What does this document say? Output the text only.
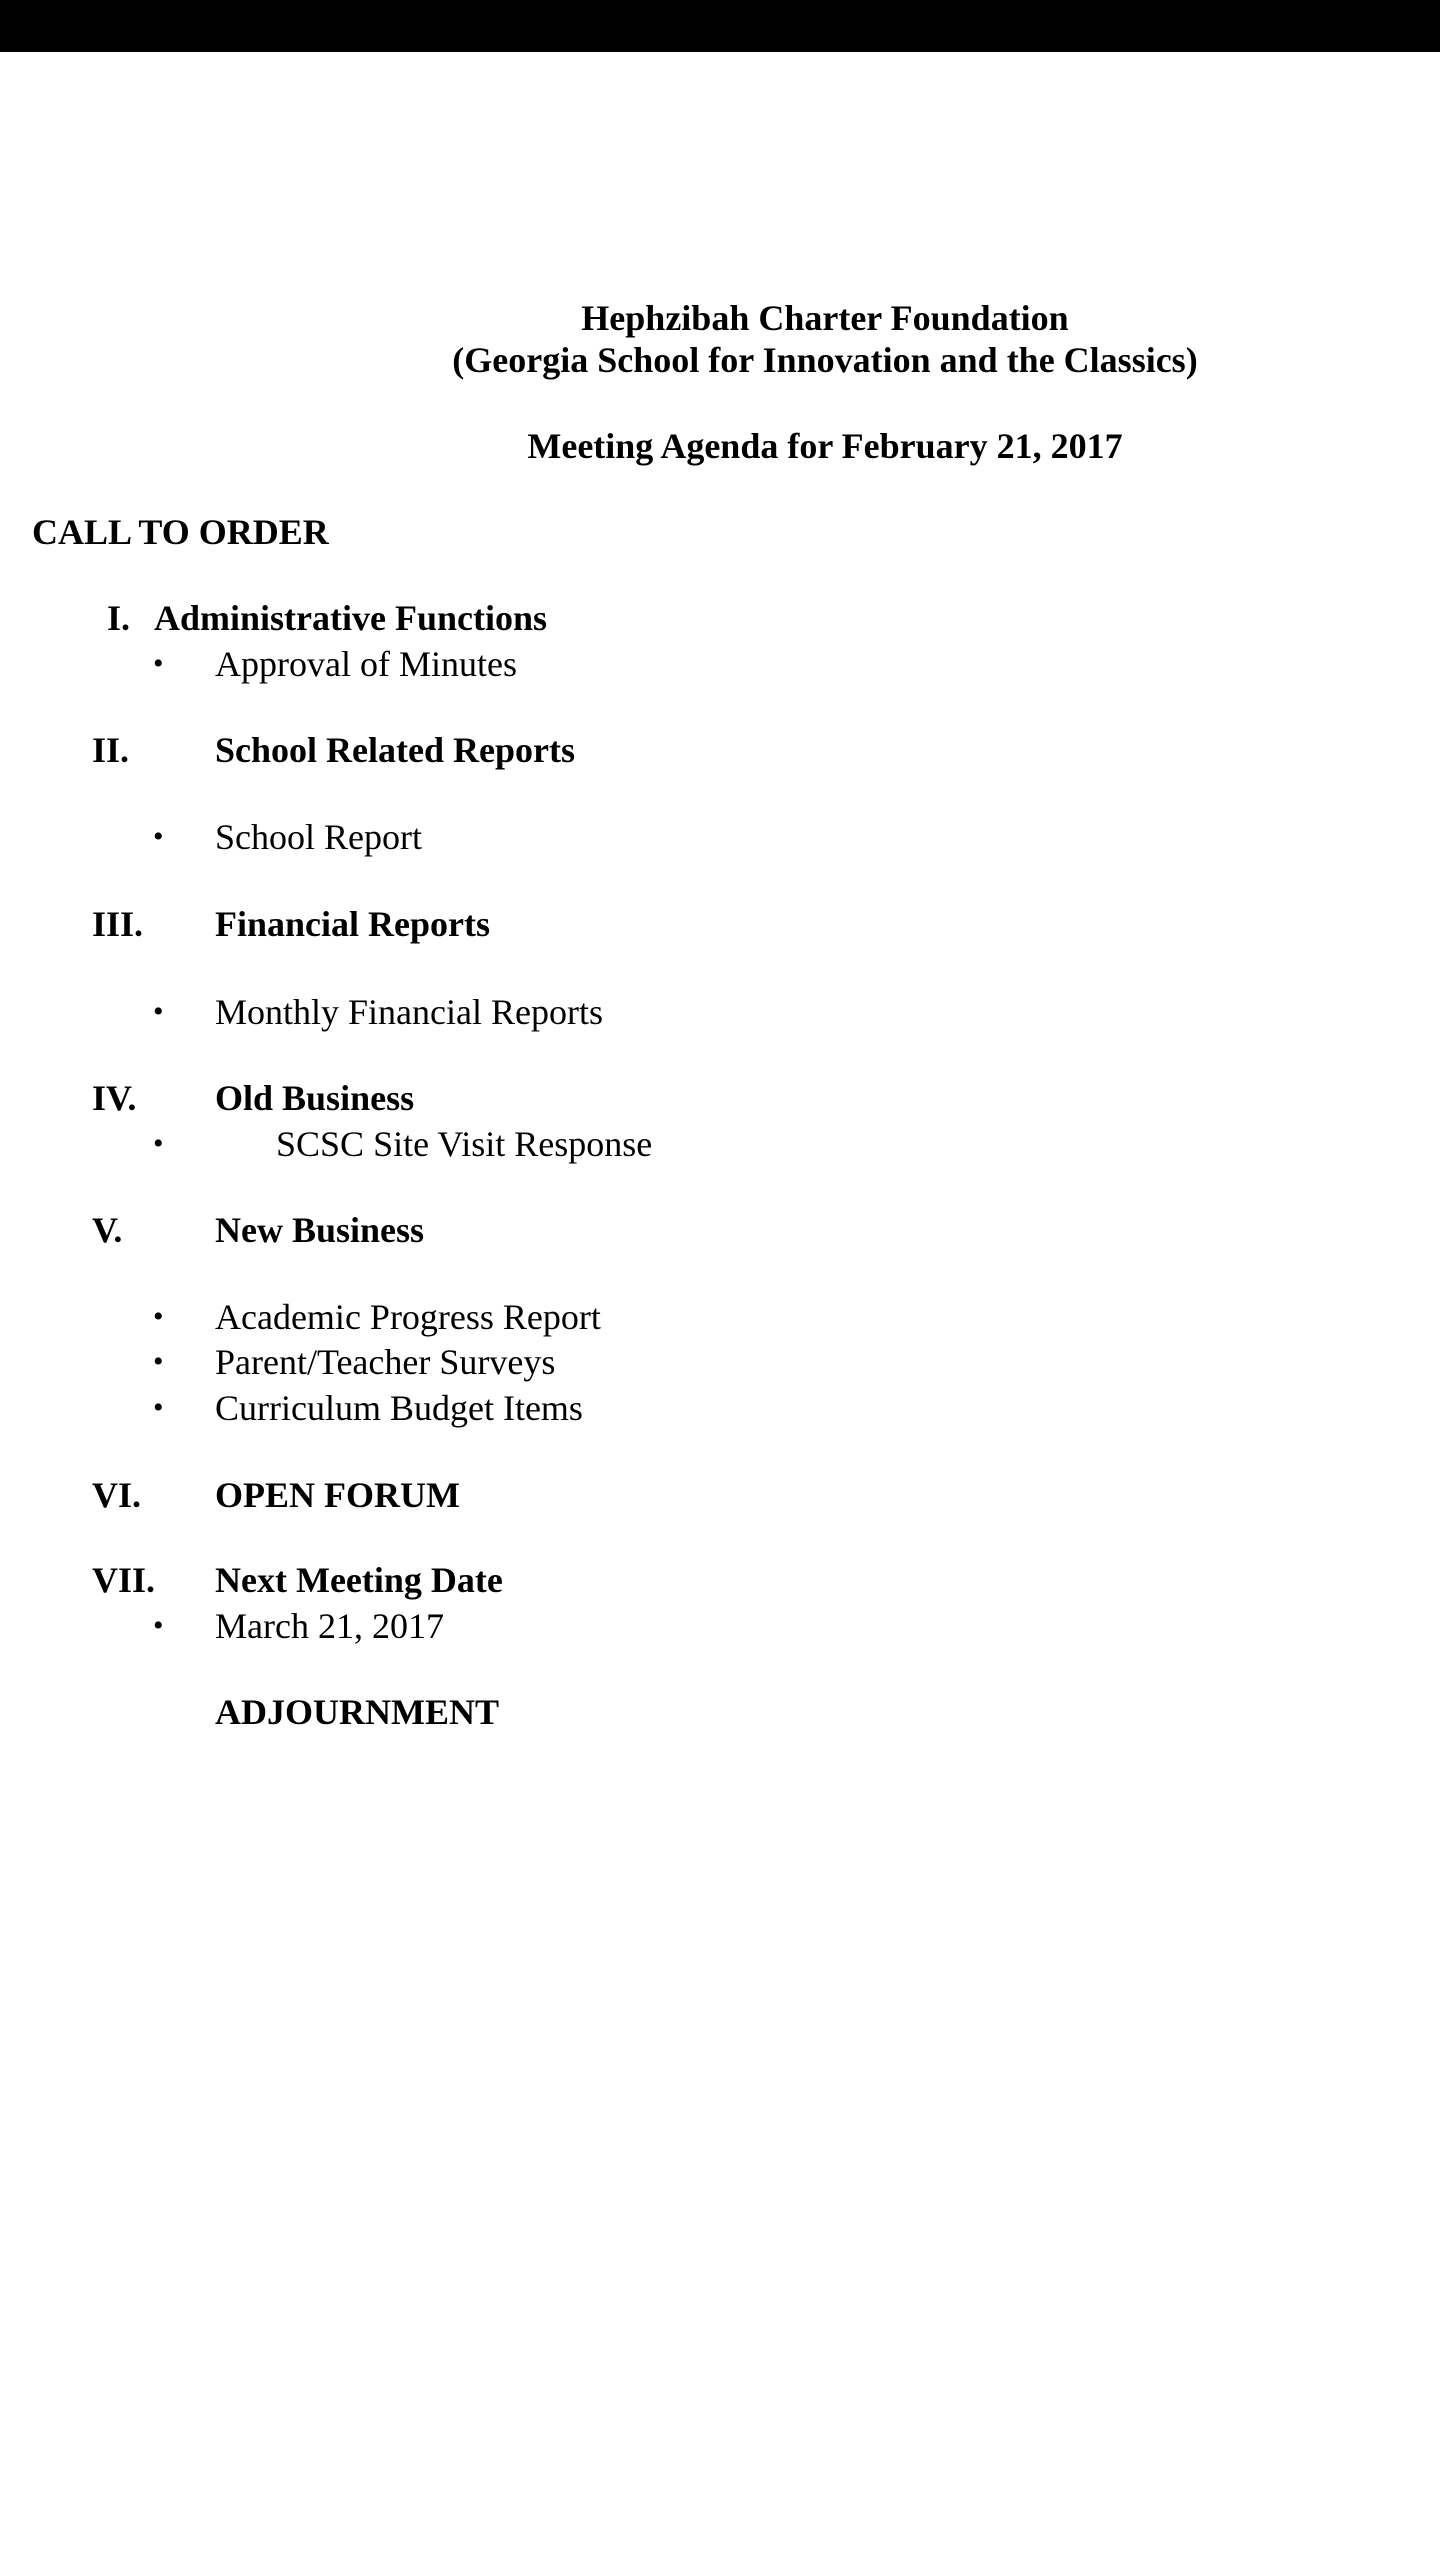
Hephzibah Charter Foundation
(Georgia School for Innovation and the Classics)
Meeting Agenda for February 21, 2017
CALL TO ORDER
I. Administrative Functions
• Approval of Minutes
II. School Related Reports
• School Report
III. Financial Reports
• Monthly Financial Reports
IV. Old Business
•	SCSC Site Visit Response
V.	New Business
• Academic Progress Report
• Parent/Teacher Surveys
• Curriculum Budget Items
VI. OPEN FORUM
VII. Next Meeting Date
• March 21, 2017
ADJOURNMENT
